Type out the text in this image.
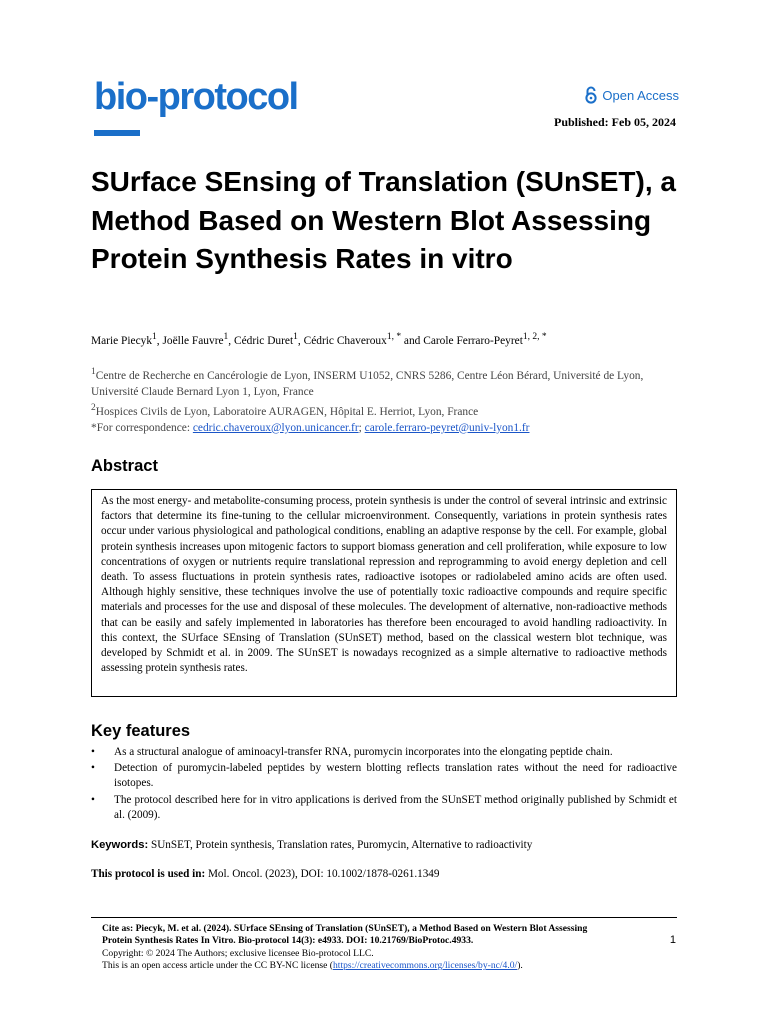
bio-protocol	Open Access
Published: Feb 05, 2024
SUrface SEnsing of Translation (SUnSET), a Method Based on Western Blot Assessing Protein Synthesis Rates in vitro
Marie Piecyk$^1$, Joëlle Fauvre$^1$, Cédric Duret$^1$, Cédric Chaveroux$^{1, *}$ and Carole Ferraro-Peyret$^{1, 2, *}$
$^1$Centre de Recherche en Cancérologie de Lyon, INSERM U1052, CNRS 5286, Centre Léon Bérard, Université de Lyon,
Université Claude Bernard Lyon 1, Lyon, France
$^2$Hospices Civils de Lyon, Laboratoire AURAGEN, Hôpital E. Herriot, Lyon, France
*For correspondence: cedric.chaveroux@lyon.unicancer.fr; carole.ferraro-peyret@univ-lyon1.fr
Abstract
As the most energy- and metabolite-consuming process, protein synthesis is under the control of several intrinsic and extrinsic factors that determine its fine-tuning to the cellular microenvironment. Consequently, variations in protein synthesis rates occur under various physiological and pathological conditions, enabling an adaptive response by the cell. For example, global protein synthesis increases upon mitogenic factors to support biomass generation and cell proliferation, while exposure to low concentrations of oxygen or nutrients require translational repression and reprogramming to avoid energy depletion and cell death. To assess fluctuations in protein synthesis rates, radioactive isotopes or radiolabeled amino acids are often used. Although highly sensitive, these techniques involve the use of potentially toxic radioactive compounds and require specific materials and processes for the use and disposal of these molecules. The development of alternative, non-radioactive methods that can be easily and safely implemented in laboratories has therefore been encouraged to avoid handling radioactivity. In this context, the SUrface SEnsing of Translation (SUnSET) method, based on the classical western blot technique, was developed by Schmidt et al. in 2009. The SUnSET is nowadays recognized as a simple alternative to radioactive methods assessing protein synthesis rates.
Key features
• As a structural analogue of aminoacyl-transfer RNA, puromycin incorporates into the elongating peptide chain.
• Detection of puromycin-labeled peptides by western blotting reflects translation rates without the need for radioactive isotopes.
• The protocol described here for in vitro applications is derived from the SUnSET method originally published by Schmidt et al. (2009).
Keywords: SUnSET, Protein synthesis, Translation rates, Puromycin, Alternative to radioactivity
This protocol is used in: Mol. Oncol. (2023), DOI: 10.1002/1878-0261.1349
Cite as: Piecyk, M. et al. (2024). SUrface SEnsing of Translation (SUnSET), a Method Based on Western Blot Assessing
Protein Synthesis Rates In Vitro. Bio-protocol 14(3): e4933. DOI: 10.21769/BioProtoc.4933.
Copyright: © 2024 The Authors; exclusive licensee Bio-protocol LLC.
This is an open access article under the CC BY-NC license (https://creativecommons.org/licenses/by-nc/4.0/).
1
